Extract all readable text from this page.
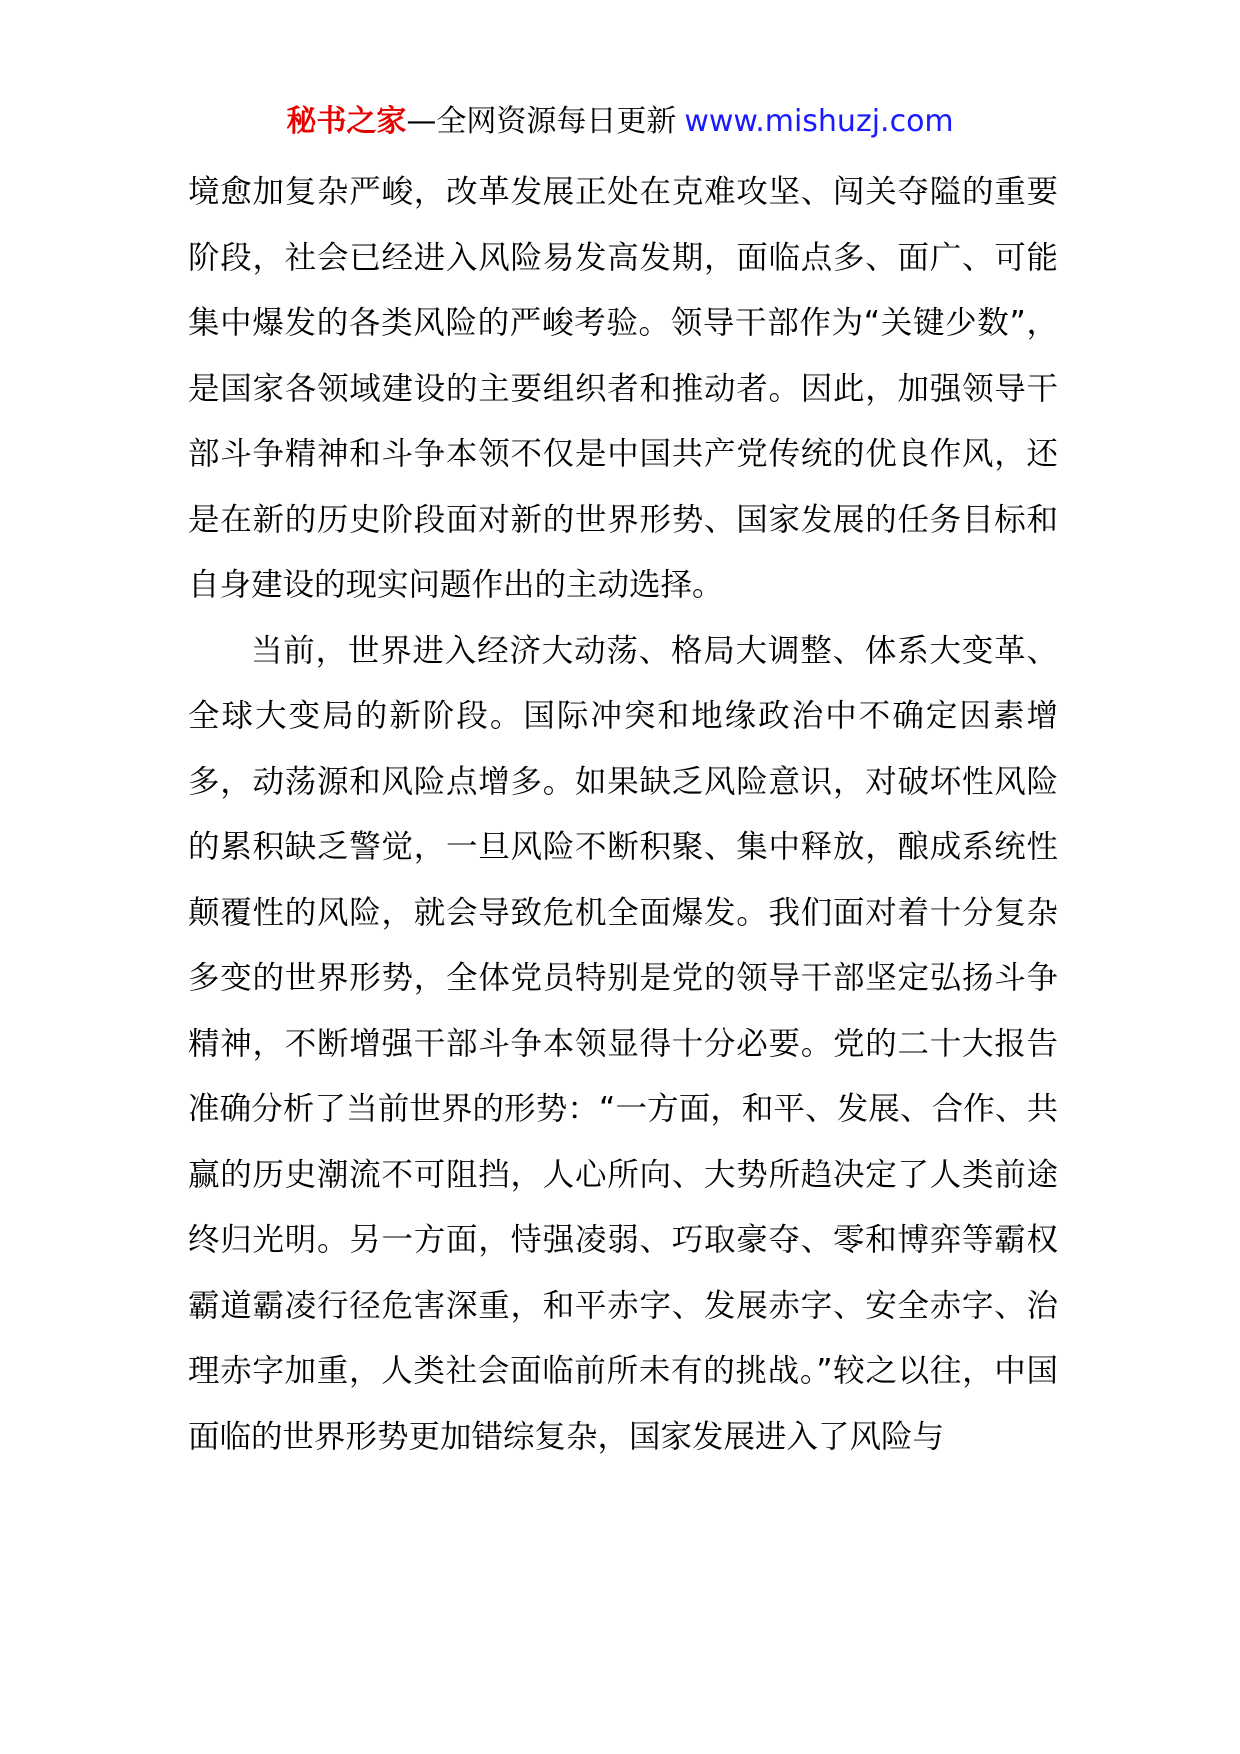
秘书之家—全网资源每日更新 www.mishuzj.com

境愈加复杂严峻，改革发展正处在克难攻坚、闯关夺隘的重要阶段，社会已经进入风险易发高发期，面临点多、面广、可能集中爆发的各类风险的严峻考验。领导干部作为“关键少数”，是国家各领域建设的主要组织者和推动者。因此，加强领导干部斗争精神和斗争本领不仅是中国共产党传统的优良作风，还是在新的历史阶段面对新的世界形势、国家发展的任务目标和自身建设的现实问题作出的主动选择。

当前，世界进入经济大动荡、格局大调整、体系大变革、全球大变局的新阶段。国际冲突和地缘政治中不确定因素增多，动荡源和风险点增多。如果缺乏风险意识，对破坏性风险的累积缺乏警觉，一旦风险不断积聚、集中释放，酿成系统性颠覆性的风险，就会导致危机全面爆发。我们面对着十分复杂多变的世界形势，全体党员特别是党的领导干部坚定弘扬斗争精神，不断增强干部斗争本领显得十分必要。党的二十大报告准确分析了当前世界的形势：“一方面，和平、发展、合作、共赢的历史潮流不可阻挡，人心所向、大势所趋决定了人类前途终归光明。另一方面，恃强凌弱、巧取豪夺、零和博弈等霸权霸道霸凌行径危害深重，和平赤字、发展赤字、安全赤字、治理赤字加重，人类社会面临前所未有的挑战。”较之以往，中国面临的世界形势更加错综复杂，国家发展进入了风险与
